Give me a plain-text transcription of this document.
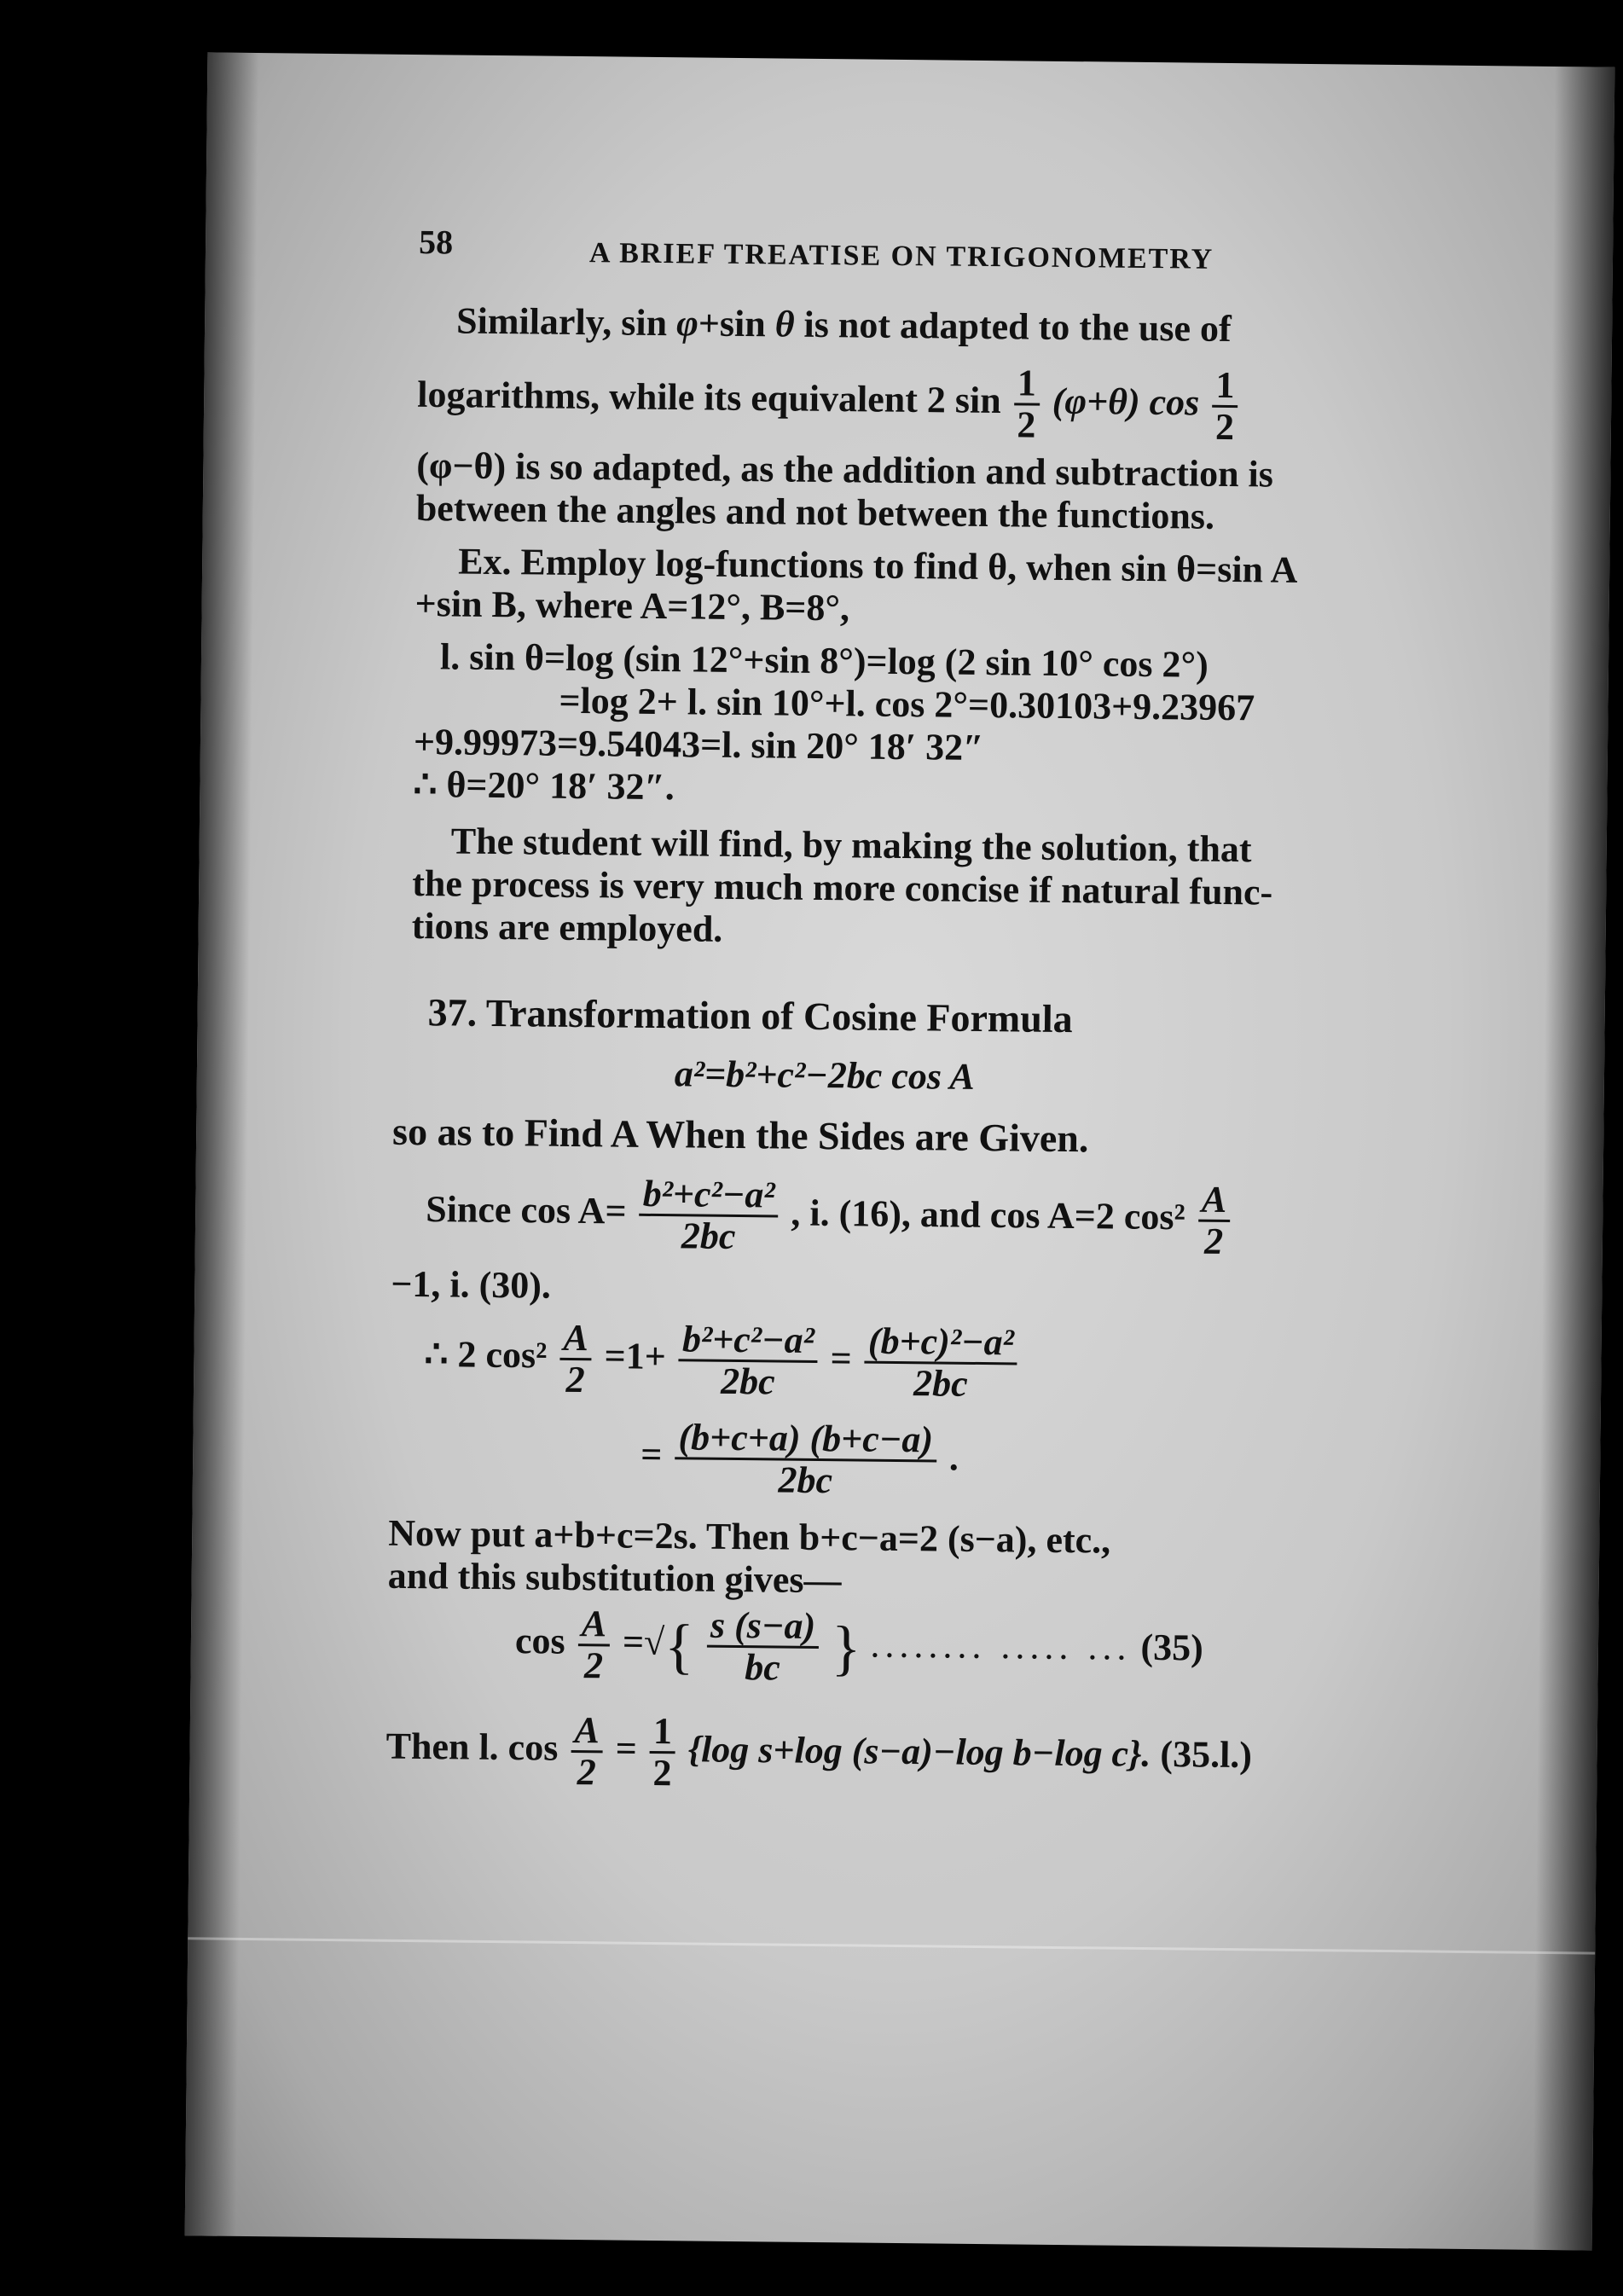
58	A BRIEF TREATISE ON TRIGONOMETRY
Similarly, sin φ+sin θ is not adapted to the use of
logarithms, while its equivalent 2 $\sin \frac{1}{2} (\varphi+\theta)$ $\cos \frac{1}{2}$
(φ−θ) is so adapted, as the addition and subtraction is
between the angles and not between the functions.
Ex. Employ log-functions to find θ, when sin θ=sin A
+sin B, where A=12°, B=8°,
l. sin θ=log (sin 12°+sin 8°)=log (2 sin 10° cos 2°)
=log 2+ l. sin 10°+l. cos 2°=0.30103+9.23967
+9.99973=9.54043=l. sin 20° 18′ 32″
∴ θ=20° 18′ 32″.
The student will find, by making the solution, that
the process is very much more concise if natural func-
tions are employed.
37. Transformation of Cosine Formula
a²=b²+c²−2bc cos A
so as to Find A When the Sides are Given.
Since $\cos A= \frac{\text{b²+c²−a²}}{2bc}$ , i. (16), and cos A=2 $\cos^2 \frac{A}{2}$
−1, i. (30).
∴ 2 $\cos^2 \frac{A}{2} =1+ \frac{\text{b²+c²−a²}}{2bc} = \frac{\text{(b+c)²−a²}}{2bc}$
= $\frac{(b+c+a) (b+c-a)}{2bc}$ .
Now put a+b+c=2s. Then b+c−a=2 (s−a), etc.,
and this substitution gives—
$\cos \frac{A}{2}$ =√{ $\frac{s (s-a)}{bc}$ } ........ ..... ... (35)
Then l. $\cos \frac{A}{2} = \frac{1}{2} \{\log$ s+log (s−a)−log b−log c}. (35.l.)
